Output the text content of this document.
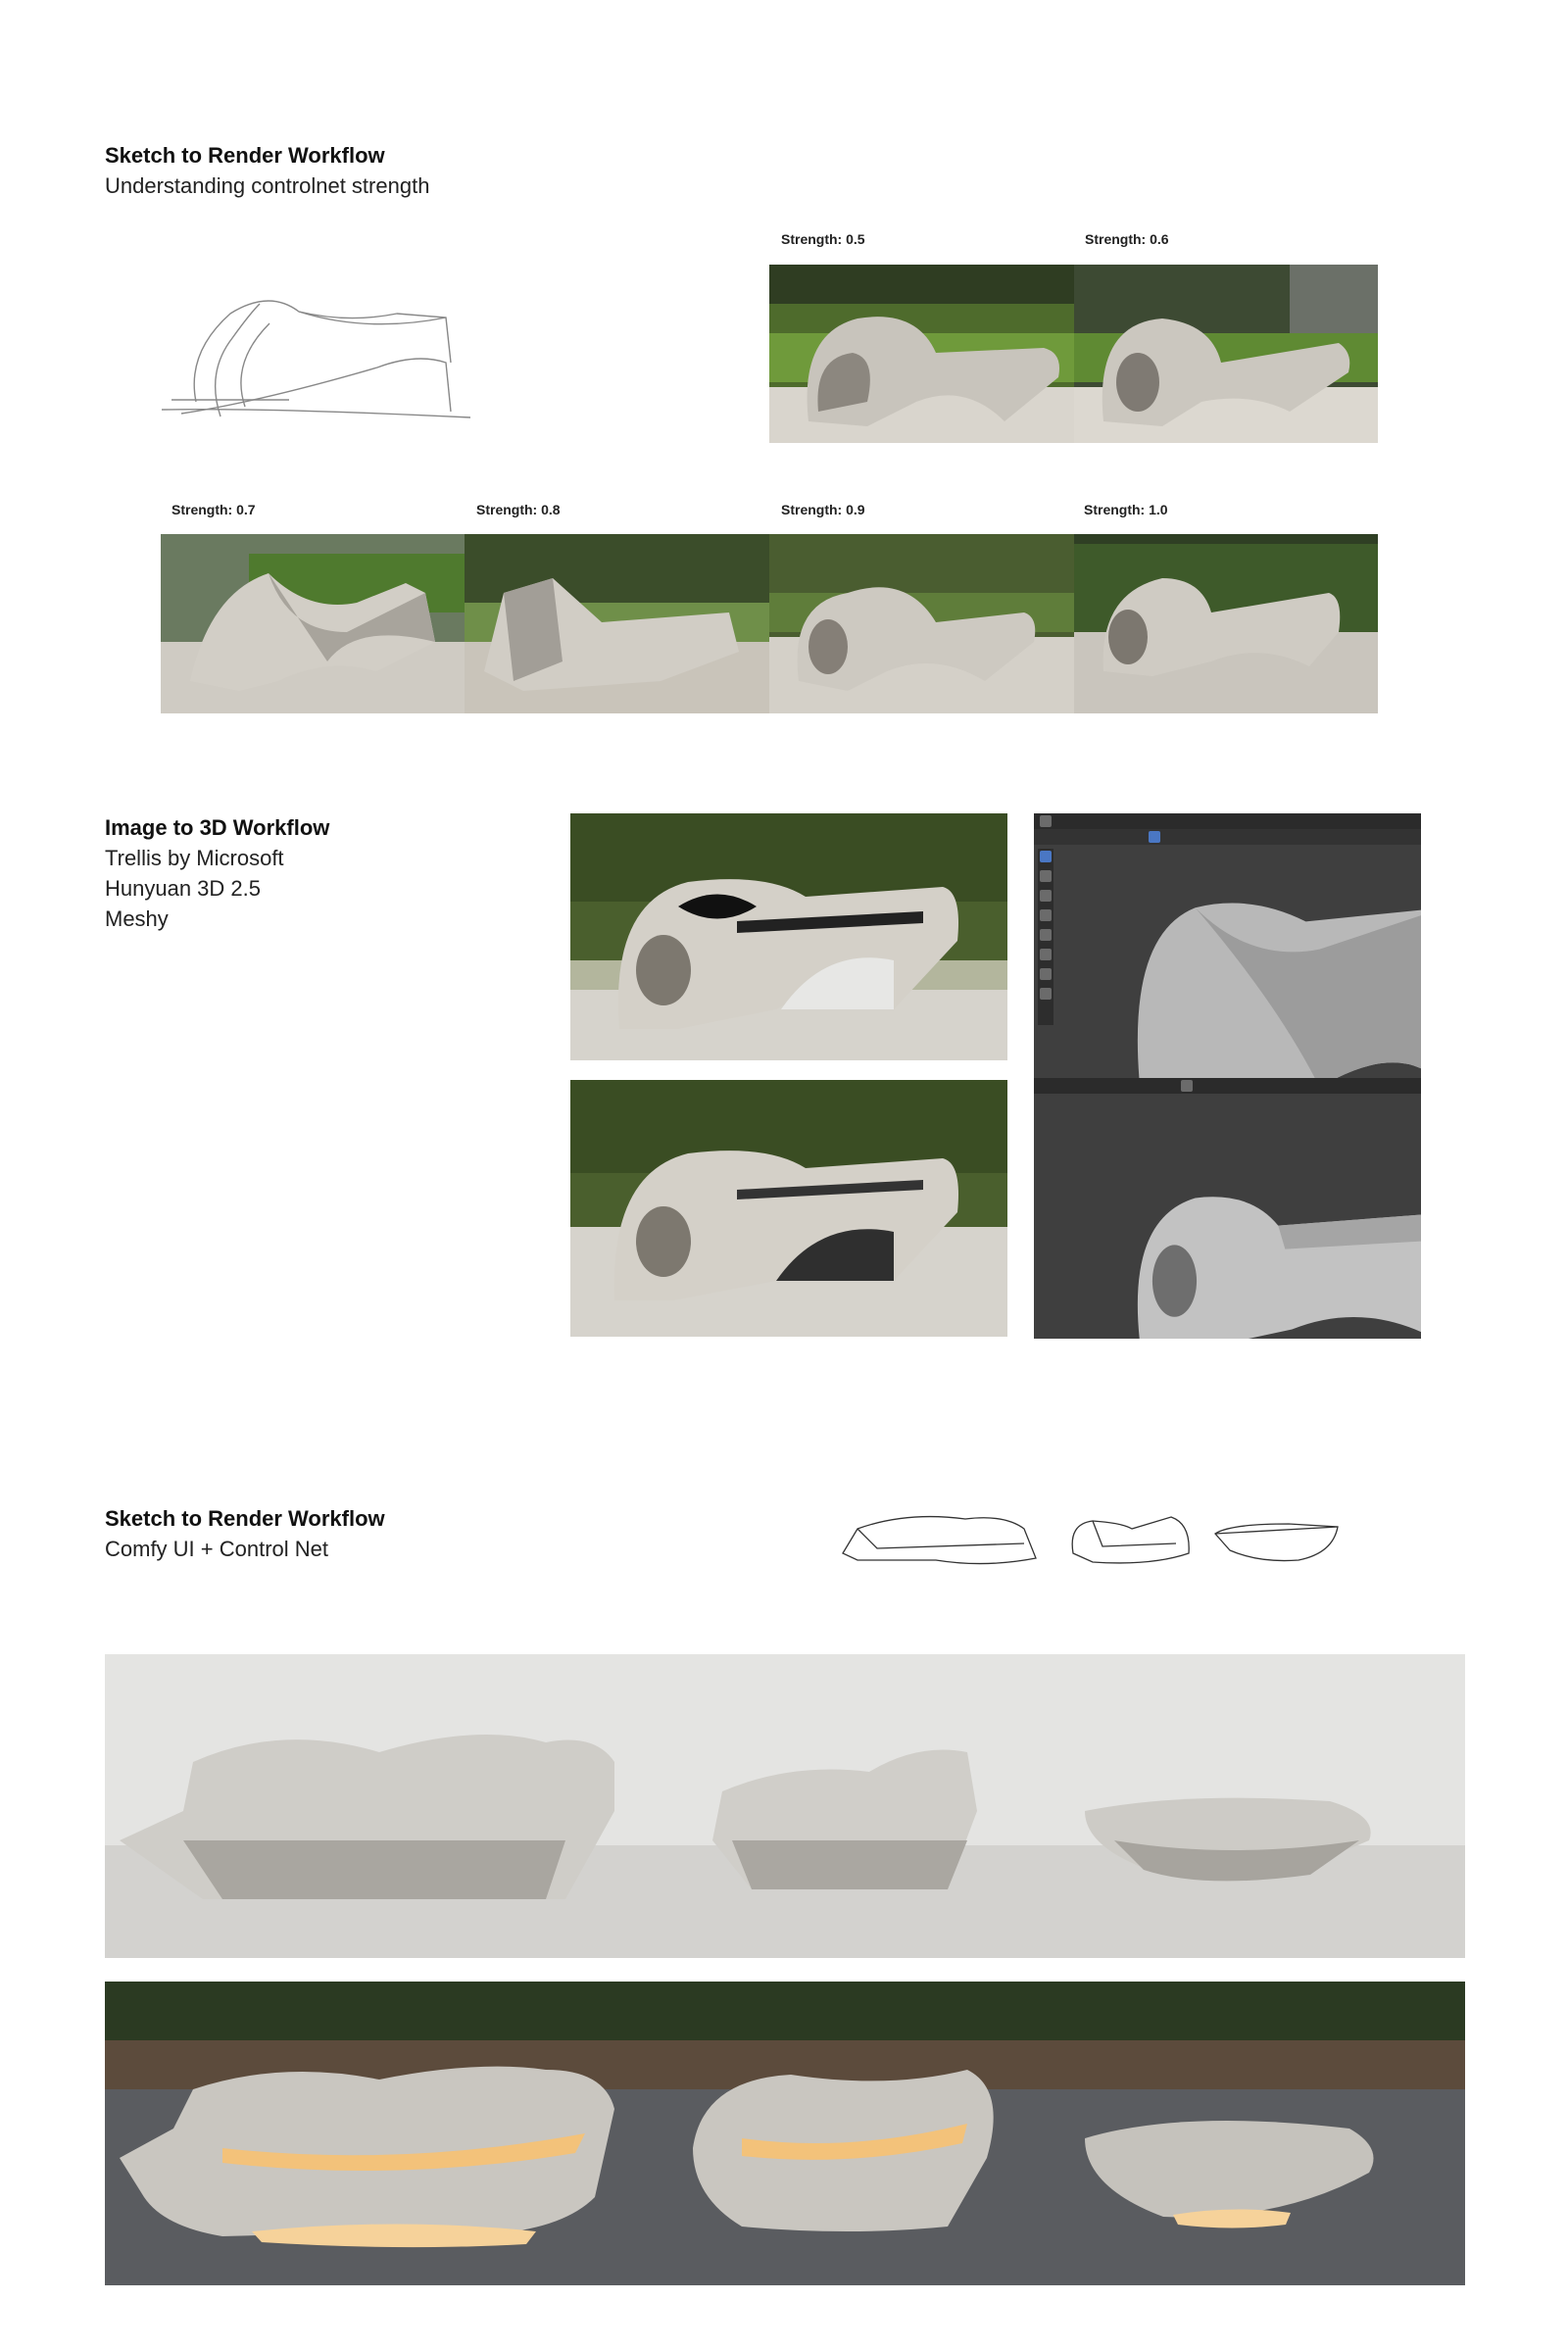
Sketch to Render Workflow

Understanding controlnet strength

Strength: 0.5	Strength: 0.6
Strength: 0.7	Strength: 0.8	Strength: 0.9	Strength: 1.0

Image to 3D Workflow

Trellis by Microsoft

Hunyuan 3D 2.5

Meshy

Sketch to Render Workflow

Comfy UI + Control Net
